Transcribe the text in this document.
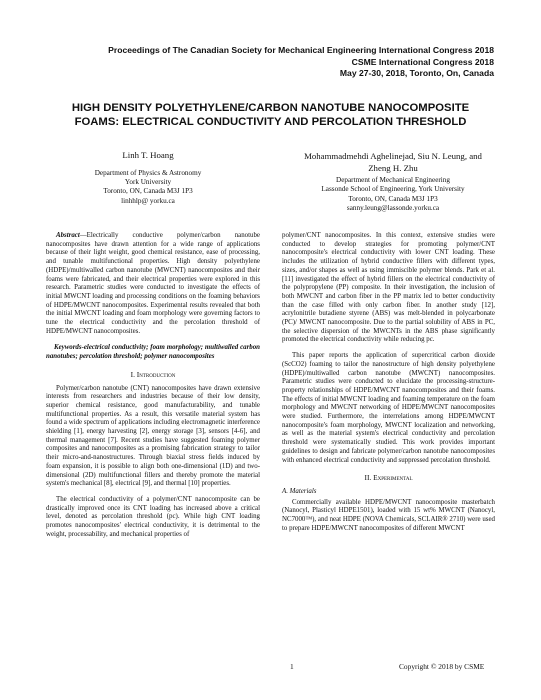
Proceedings of The Canadian Society for Mechanical Engineering International Congress 2018
CSME International Congress 2018
May 27-30, 2018, Toronto, On, Canada
HIGH DENSITY POLYETHYLENE/CARBON NANOTUBE NANOCOMPOSITE
FOAMS: ELECTRICAL CONDUCTIVITY AND PERCOLATION THRESHOLD
Linh T. Hoang
Department of Physics & Astronomy
York University
Toronto, ON, Canada M3J 1P3
linhhlp@ yorku.ca
Mohammadmehdi Aghelinejad, Siu N. Leung, and
Zheng H. Zhu
Department of Mechanical Engineering
Lassonde School of Engineering, York University
Toronto, ON, Canada M3J 1P3
sanny.leung@lassonde.yorku.ca

Abstract—Electrically conductive polymer/carbon nanotube nanocomposites have drawn attention for a wide range of applications because of their light weight, good chemical resistance, ease of processing, and tunable multifunctional properties. High density polyethylene (HDPE)/multiwalled carbon nanotube (MWCNT) nanocomposites and their foams were fabricated, and their electrical properties were explored in this research. Parametric studies were conducted to investigate the effects of initial MWCNT loading and processing conditions on the foaming behaviors of HDPE/MWCNT nanocomposites. Experimental results revealed that both the initial MWCNT loading and foam morphology were governing factors to tune the electrical conductivity and the percolation threshold of HDPE/MWCNT nanocomposites.

Keywords-electrical conductivity; foam morphology; multiwalled carbon nanotubes; percolation threshold; polymer nanocomposites

I. Introduction

Polymer/carbon nanotube (CNT) nanocomposites have drawn extensive interests from researchers and industries because of their low density, superior chemical resistance, good manufacturability, and tunable multifunctional properties. As a result, this versatile material system has found a wide spectrum of applications including electromagnetic interference shielding [1], energy harvesting [2], energy storage [3], sensors [4-6], and thermal management [7]. Recent studies have suggested foaming polymer composites and nanocomposites as a promising fabrication strategy to tailor their micro-and-nanostructures. Through biaxial stress fields induced by foam expansion, it is possible to align both one-dimensional (1D) and two-dimensional (2D) multifunctional fillers and thereby promote the material system's mechanical [8], electrical [9], and thermal [10] properties.

The electrical conductivity of a polymer/CNT nanocomposite can be drastically improved once its CNT loading has increased above a critical level, denoted as percolation threshold (pc). While high CNT loading promotes nanocomposites' electrical conductivity, it is detrimental to the weight, processability, and mechanical properties of

polymer/CNT nanocomposites. In this context, extensive studies were conducted to develop strategies for promoting polymer/CNT nanocomposite's electrical conductivity with lower CNT loading. These includes the utilization of hybrid conductive fillers with different types, sizes, and/or shapes as well as using immiscible polymer blends. Park et al. [11] investigated the effect of hybrid fillers on the electrical conductivity of the polypropylene (PP) composite. In their investigation, the inclusion of both MWCNT and carbon fiber in the PP matrix led to better conductivity than the case filled with only carbon fiber. In another study [12], acrylonitrile butadiene styrene (ABS) was melt-blended in polycarbonate (PC)/ MWCNT nanocomposite. Due to the partial solubility of ABS in PC, the selective dispersion of the MWCNTs in the ABS phase significantly promoted the electrical conductivity while reducing pc.

This paper reports the application of supercritical carbon dioxide (ScCO2) foaming to tailor the nanostructure of high density polyethylene (HDPE)/multiwalled carbon nanotube (MWCNT) nanocomposites. Parametric studies were conducted to elucidate the processing-structure-property relationships of HDPE/MWCNT nanocomposites and their foams. The effects of initial MWCNT loading and foaming temperature on the foam morphology and MWCNT networking of HDPE/MWCNT nanocomposites were studied. Furthermore, the interrelations among HDPE/MWCNT nanocomposite's foam morphology, MWCNT localization and networking, as well as the material system's electrical conductivity and percolation threshold were systematically studied. This work provides important guidelines to design and fabricate polymer/carbon nanotube nanocomposites with enhanced electrical conductivity and suppressed percolation threshold.

II. Experimental
A. Materials

Commercially available HDPE/MWCNT nanocomposite masterbatch (Nanocyl, Plasticyl HDPE1501), loaded with 15 wt% MWCNT (Nanocyl, NC7000™), and neat HDPE (NOVA Chemicals, SCLAIR® 2710) were used to prepare HDPE/MWCNT nanocomposites of different MWCNT

1	Copyright © 2018 by CSME
